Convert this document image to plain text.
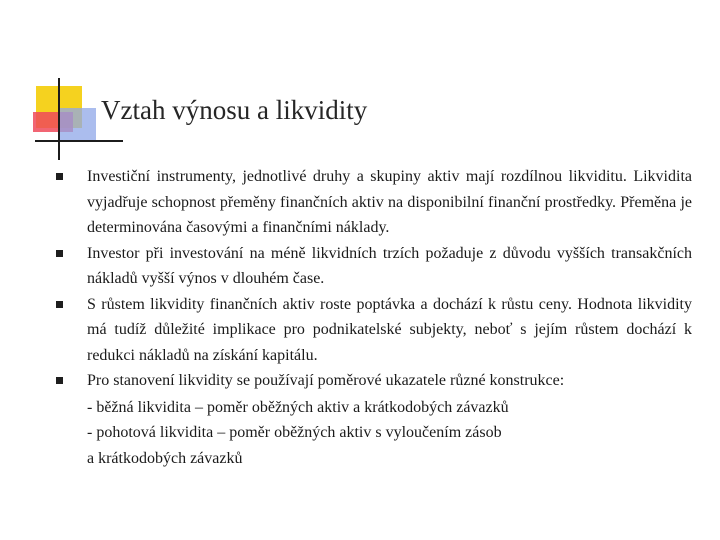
Vztah výnosu a likvidity
Investiční instrumenty, jednotlivé druhy a skupiny aktiv mají rozdílnou likviditu. Likvidita vyjadřuje schopnost přeměny finančních aktiv na disponibilní finanční prostředky. Přeměna je determinována časovými a finančními náklady.
Investor při investování na méně likvidních trzích požaduje z důvodu vyšších transakčních nákladů vyšší výnos v dlouhém čase.
S růstem likvidity finančních aktiv roste poptávka a dochází k růstu ceny. Hodnota likvidity má tudíž důležité implikace pro podnikatelské subjekty, neboť s jejím růstem dochází k redukci nákladů na získání kapitálu.
Pro stanovení likvidity se používají poměrové ukazatele různé konstrukce:
- běžná likvidita – poměr oběžných aktiv a krátkodobých závazků
- pohotová likvidita – poměr oběžných aktiv s vyloučením zásob
a krátkodobých závazků
